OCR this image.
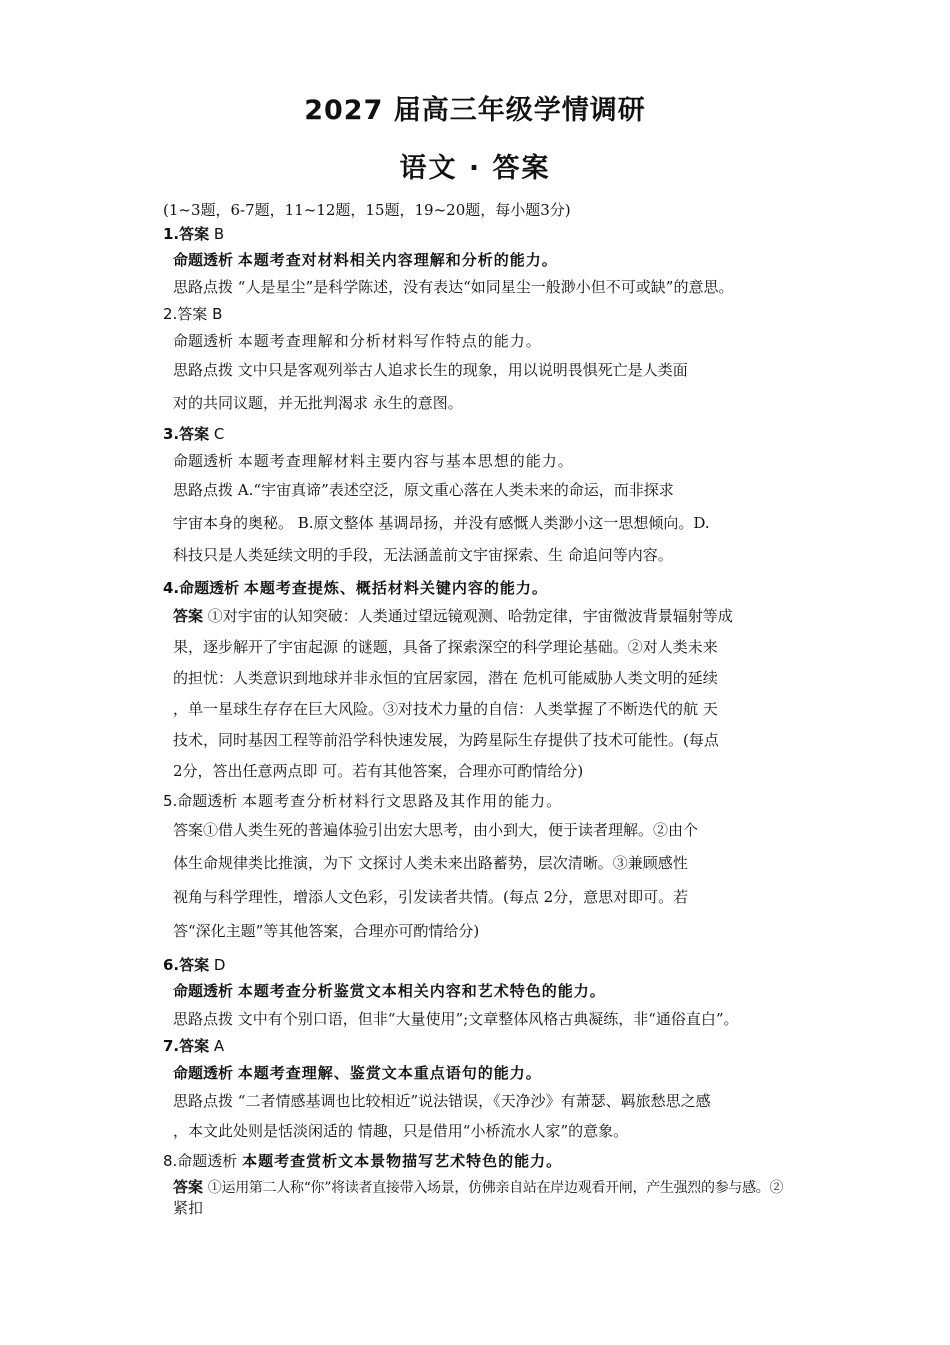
2027 届高三年级学情调研
语文 · 答案
(1~3题，6-7题，11~12题，15题，19~20题，每小题3分)
1.答案 B
命题透析 本题考查对材料相关内容理解和分析的能力。
思路点拨 “人是星尘”是科学陈述，没有表达“如同星尘一般渺小但不可或缺”的意思。
2.答案 B
命题透析 本题考查理解和分析材料写作特点的能力。
思路点拨 文中只是客观列举古人追求长生的现象，用以说明畏惧死亡是人类面
对的共同议题，并无批判渴求 永生的意图。
3.答案 C
命题透析 本题考查理解材料主要内容与基本思想的能力。
思路点拨 A.“宇宙真谛”表述空泛，原文重心落在人类未来的命运，而非探求
宇宙本身的奥秘。 B.原文整体 基调昂扬，并没有感慨人类渺小这一思想倾向。D.
科技只是人类延续文明的手段，无法涵盖前文宇宙探索、生 命追问等内容。
4.命题透析 本题考查提炼、概括材料关键内容的能力。
答案 ①对宇宙的认知突破：人类通过望远镜观测、哈勃定律，宇宙微波背景辐射等成
果，逐步解开了宇宙起源 的谜题，具备了探索深空的科学理论基础。②对人类未来
的担忧：人类意识到地球并非永恒的宜居家园，潜在 危机可能威胁人类文明的延续
，单一星球生存存在巨大风险。③对技术力量的自信：人类掌握了不断迭代的航 天
技术，同时基因工程等前沿学科快速发展，为跨星际生存提供了技术可能性。(每点
2分，答出任意两点即 可。若有其他答案，合理亦可酌情给分)
5.命题透析 本题考查分析材料行文思路及其作用的能力。
答案①借人类生死的普遍体验引出宏大思考，由小到大，便于读者理解。②由个
体生命规律类比推演，为下 文探讨人类未来出路蓄势，层次清晰。③兼顾感性
视角与科学理性，增添人文色彩，引发读者共情。(每点 2分，意思对即可。若
答“深化主题”等其他答案，合理亦可酌情给分)
6.答案 D
命题透析 本题考查分析鉴赏文本相关内容和艺术特色的能力。
思路点拨 文中有个别口语，但非“大量使用”;文章整体风格古典凝练，非“通俗直白”。
7.答案 A
命题透析 本题考查理解、鉴赏文本重点语句的能力。
思路点拨 “二者情感基调也比较相近”说法错误，《天净沙》有萧瑟、羁旅愁思之感
，本文此处则是恬淡闲适的 情趣，只是借用“小桥流水人家”的意象。
8.命题透析 本题考查赏析文本景物描写艺术特色的能力。
答案 ①运用第二人称“你”将读者直接带入场景，仿佛亲自站在岸边观看开闸，产生强烈的参与感。②
紧扣
